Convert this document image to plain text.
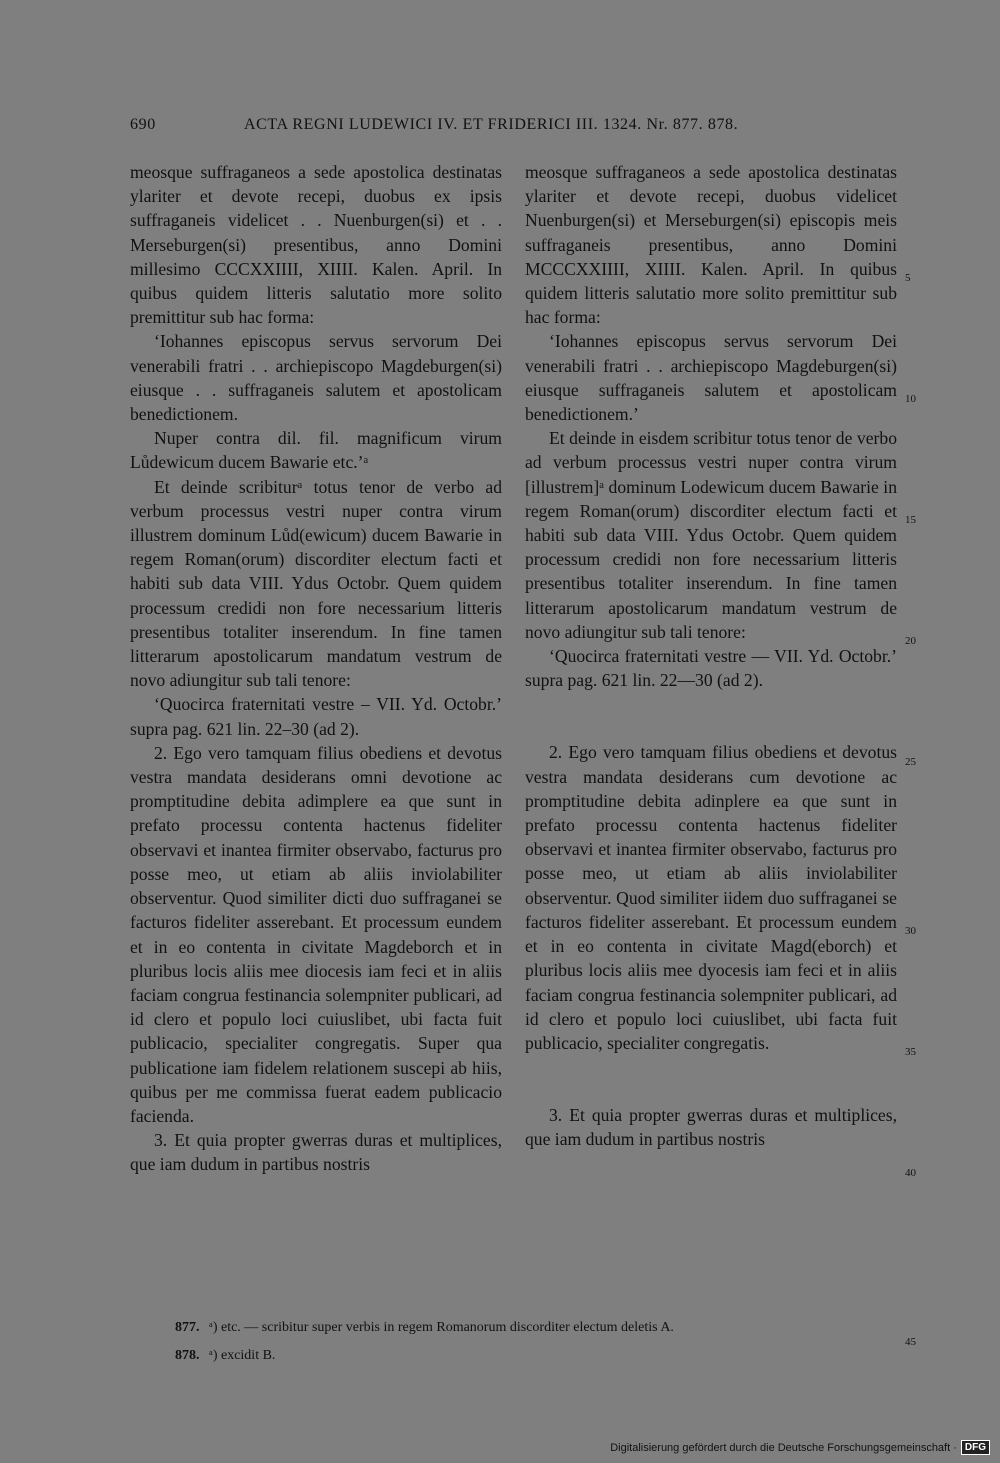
690	ACTA REGNI LUDEWICI IV. ET FRIDERICI III. 1324. Nr. 877. 878.

meosque suffraganeos a sede apostolica destinatas ylariter et devote recepi, duobus ex ipsis suffraganeis videlicet . . Nuenburgen(si) et . . Merseburgen(si) presentibus, anno Domini millesimo CCCXXIIII, XIIII. Kalen. April. In quibus quidem litteris salutatio more solito premittitur sub hac forma:

‘Iohannes episcopus servus servorum Dei venerabili fratri . . archiepiscopo Magdeburgen(si) eiusque . . suffraganeis salutem et apostolicam benedictionem.

Nuper contra dil. fil. magnificum virum Lůdewicum ducem Bawarie etc.’ᵃ

Et deinde scribiturᵃ totus tenor de verbo ad verbum processus vestri nuper contra virum illustrem dominum Lůd(ewicum) ducem Bawarie in regem Roman(orum) discorditer electum facti et habiti sub data VIII. Ydus Octobr. Quem quidem processum credidi non fore necessarium litteris presentibus totaliter inserendum. In fine tamen litterarum apostolicarum mandatum vestrum de novo adiungitur sub tali tenore:

‘Quocirca fraternitati vestre – VII. Yd. Octobr.’ supra pag. 621 lin. 22–30 (ad 2).

2. Ego vero tamquam filius obediens et devotus vestra mandata desiderans omni devotione ac promptitudine debita adimplere ea que sunt in prefato processu contenta hactenus fideliter observavi et inantea firmiter observabo, facturus pro posse meo, ut etiam ab aliis inviolabiliter observentur. Quod similiter dicti duo suffraganei se facturos fideliter asserebant. Et processum eundem et in eo contenta in civitate Magdeborch et in pluribus locis aliis mee diocesis iam feci et in aliis faciam congrua festinancia solempniter publicari, ad id clero et populo loci cuiuslibet, ubi facta fuit publicacio, specialiter congregatis. Super qua publicatione iam fidelem relationem suscepi ab hiis, quibus per me commissa fuerat eadem publicacio facienda.

3. Et quia propter gwerras duras et multiplices, que iam dudum in partibus nostris

meosque suffraganeos a sede apostolica destinatas ylariter et devote recepi, duobus videlicet Nuenburgen(si) et Merseburgen(si) episcopis meis suffraganeis presentibus, anno Domini MCCCXXIIII, XIIII. Kalen. April. In quibus quidem litteris salutatio more solito premittitur sub hac forma:

‘Iohannes episcopus servus servorum Dei venerabili fratri . . archiepiscopo Magdeburgen(si) eiusque suffraganeis salutem et apostolicam benedictionem.’

Et deinde in eisdem scribitur totus tenor de verbo ad verbum processus vestri nuper contra virum [illustrem]ᵃ dominum Lodewicum ducem Bawarie in regem Roman(orum) discorditer electum facti et habiti sub data VIII. Ydus Octobr. Quem quidem processum credidi non fore necessarium litteris presentibus totaliter inserendum. In fine tamen litterarum apostolicarum mandatum vestrum de novo adiungitur sub tali tenore:

‘Quocirca fraternitati vestre — VII. Yd. Octobr.’ supra pag. 621 lin. 22—30 (ad 2).

2. Ego vero tamquam filius obediens et devotus vestra mandata desiderans cum devotione ac promptitudine debita adinplere ea que sunt in prefato processu contenta hactenus fideliter observavi et inantea firmiter observabo, facturus pro posse meo, ut etiam ab aliis inviolabiliter observentur. Quod similiter iidem duo suffraganei se facturos fideliter asserebant. Et processum eundem et in eo contenta in civitate Magd(eborch) et pluribus locis aliis mee dyocesis iam feci et in aliis faciam congrua festinancia solempniter publicari, ad id clero et populo loci cuiuslibet, ubi facta fuit publicacio, specialiter congregatis.

3. Et quia propter gwerras duras et multiplices, que iam dudum in partibus nostris

5
10
15
20
25
30
35
40
45
877. ᵃ) etc. — scribitur super verbis in regem Romanorum discorditer electum deletis A.
878. ᵃ) excidit B.
Digitalisierung gefördert durch die Deutsche Forschungsgemeinschaft · DFG
